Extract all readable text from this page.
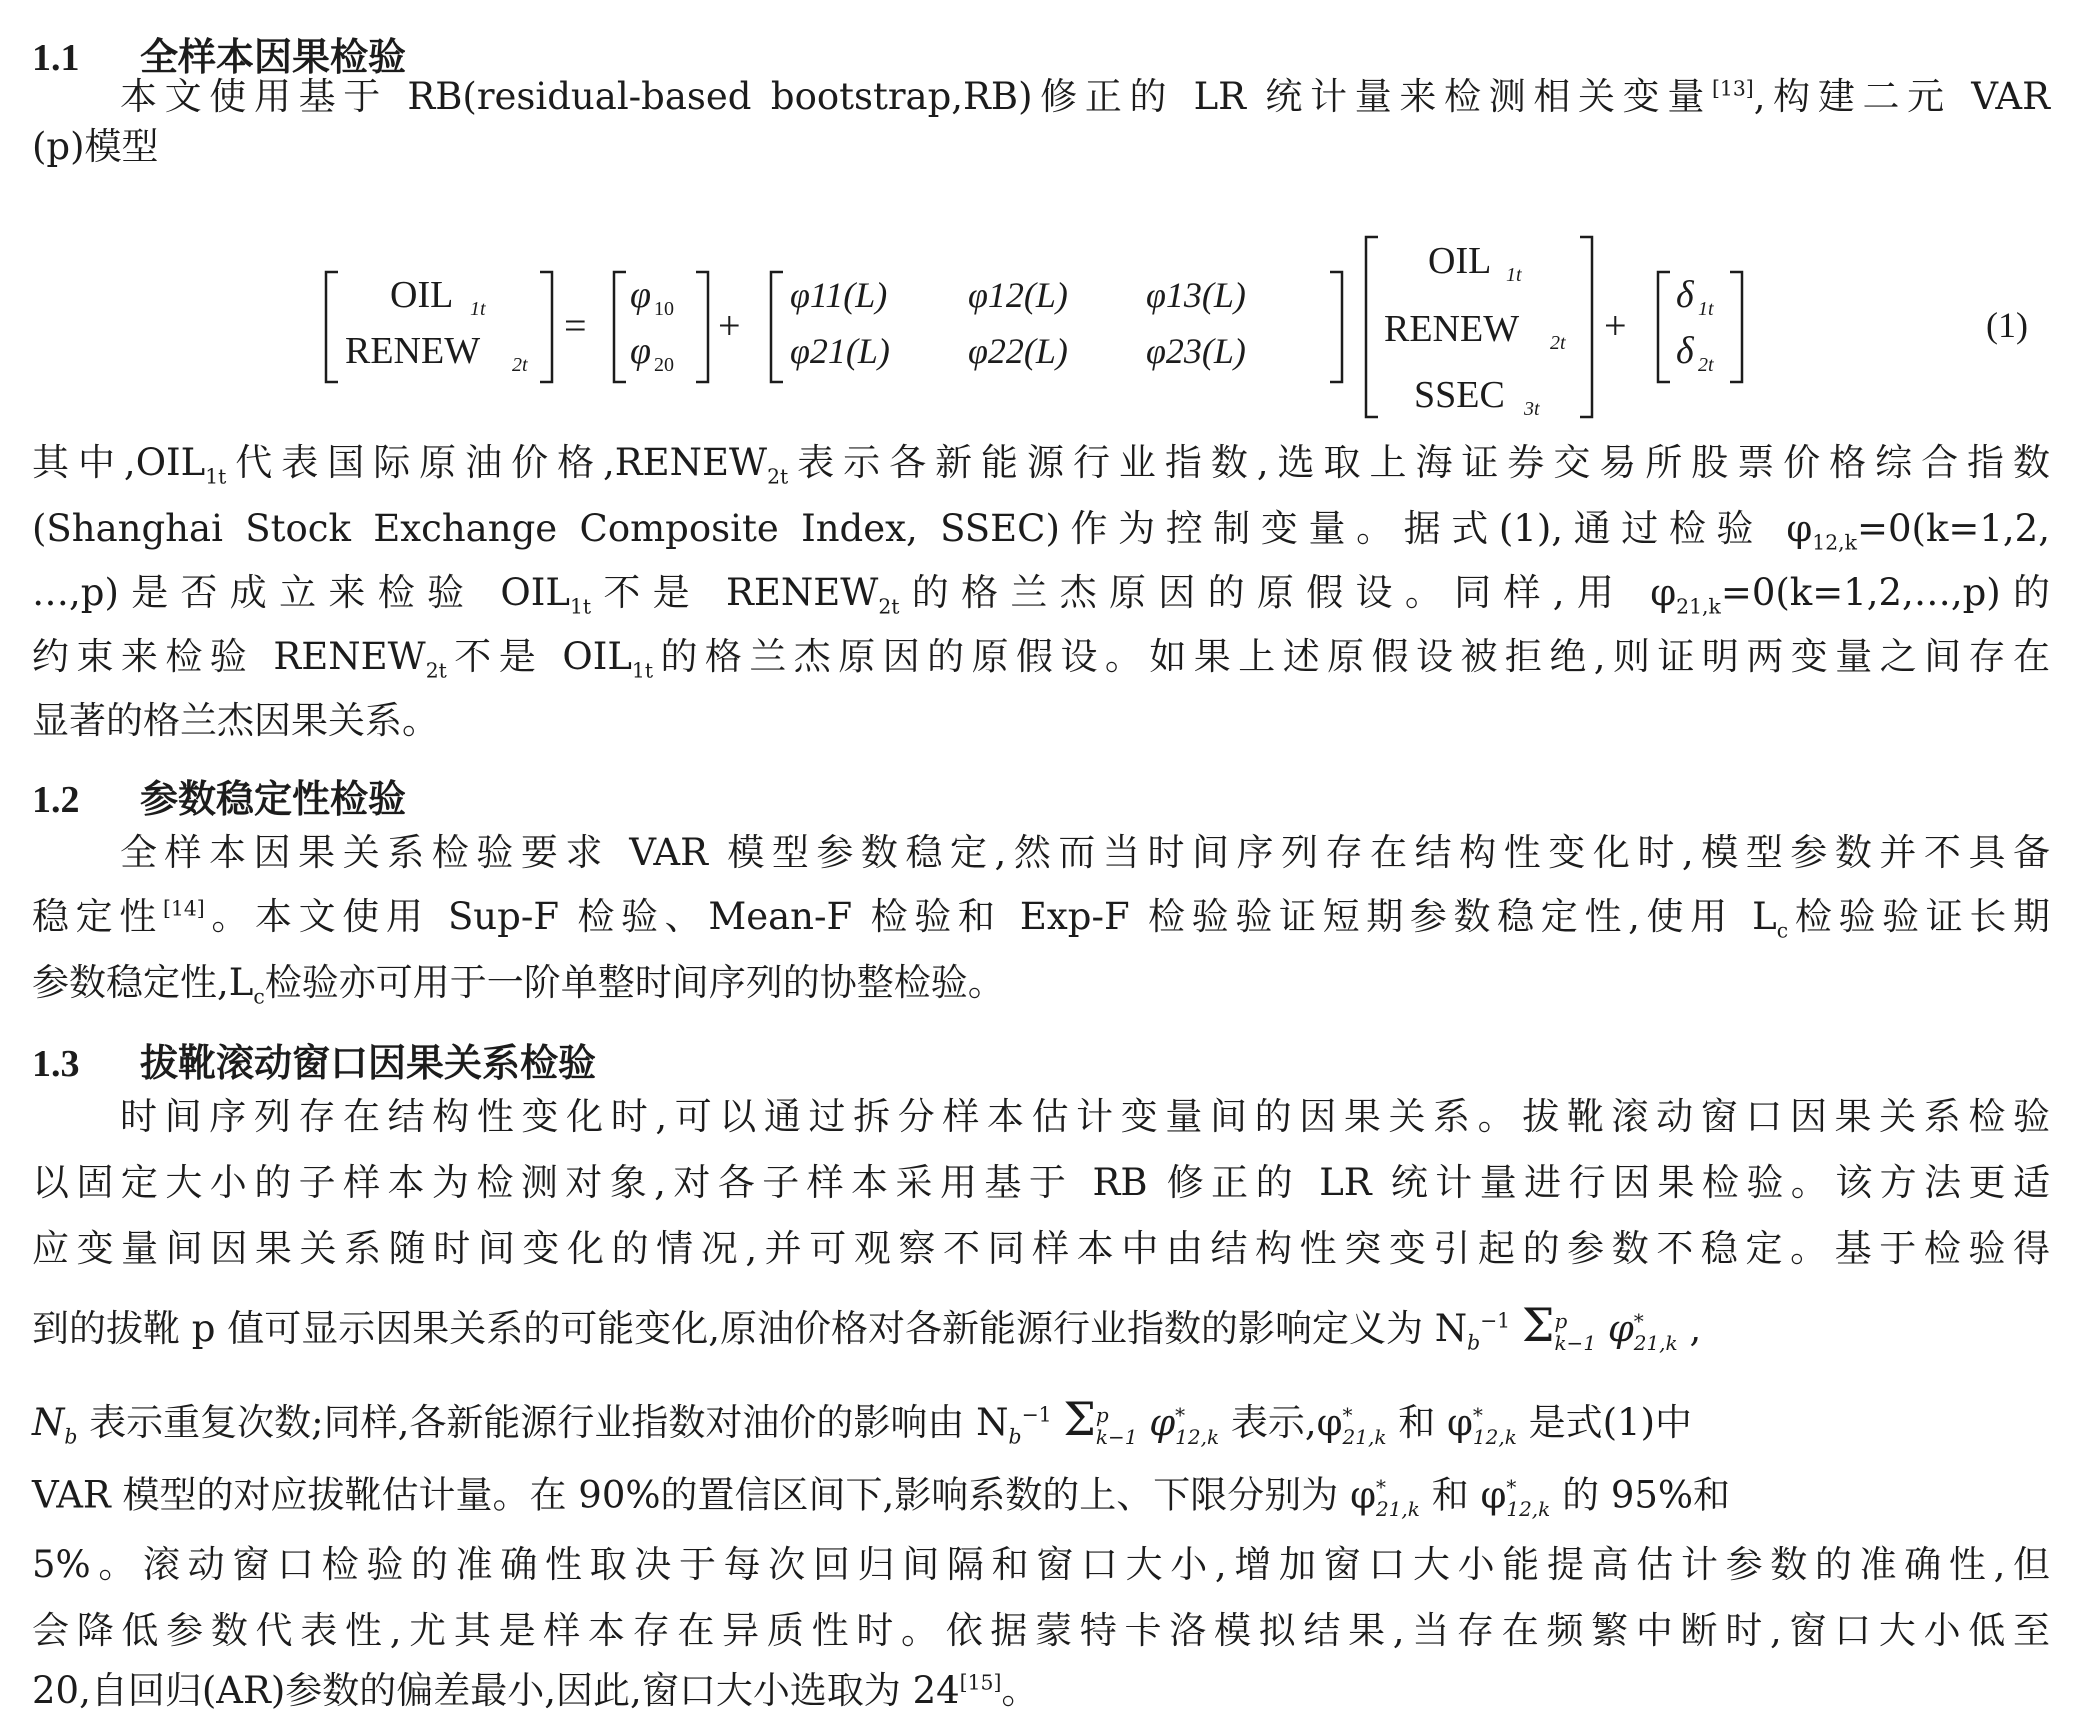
1.1 全样本因果检验
本文使用基于 RB(residual-based bootstrap,RB)修正的 LR 统计量来检测相关变量[13],构建二元 VAR
(p)模型
OIL 1t
RENEW 2t
=
φ 10
φ 20
+
φ11(L) φ12(L) φ13(L)
φ21(L) φ22(L) φ23(L)
OIL 1t
RENEW 2t
SSEC 3t
+
δ 1t
δ 2t
(1)
其中$,OIL_{1t}$代表国际原油价格$,RENEW_{2t}$表示各新能源行业指数,选取上海证券交易所股票价格综合指数
(Shanghai Stock Exchange Composite Index, SSEC)作为控制变量。据式(1),通过检验 $\varphi_{12,k}=0(k=1,2$,
…,p)是否成立来检验 $OIL_{1t}$不是 $RENEW_{2t}$的格兰杰原因的原假设。同样,用 $\varphi_{21,k}=0(k=1,2,\dots,p)$的
约束来检验 $RENEW_{2t}$不是 $OIL_{1t}$的格兰杰原因的原假设。如果上述原假设被拒绝,则证明两变量之间存在
显著的格兰杰因果关系。
1.2 参数稳定性检验
全样本因果关系检验要求 VAR 模型参数稳定,然而当时间序列存在结构性变化时,模型参数并不具备
稳定性[14]。本文使用 Sup-F 检验、Mean-F 检验和 Exp-F 检验验证短期参数稳定性,使用 $L_c$检验验证长期
参数稳定性$,L_c$检验亦可用于一阶单整时间序列的协整检验。
1.3 拔靴滚动窗口因果关系检验
时间序列存在结构性变化时,可以通过拆分样本估计变量间的因果关系。拔靴滚动窗口因果关系检验
以固定大小的子样本为检测对象,对各子样本采用基于 RB 修正的 LR 统计量进行因果检验。该方法更适
应变量间因果关系随时间变化的情况,并可观察不同样本中由结构性突变引起的参数不稳定。基于检验得
到的拔靴 p 值可显示因果关系的可能变化,原油价格对各新能源行业指数的影响定义为 $N_b^{-1}$ Σ p
k−1 φ *
21,k ,
$N_b$ 表示重复次数;同样,各新能源行业指数对油价的影响由 $N_b^{-1}$ Σ p
k−1 φ *
12,k 表示,φ *
21,k 和 φ *
12,k 是式(1)中
VAR 模型的对应拔靴估计量。在 90%的置信区间下,影响系数的上、下限分别为 φ *
21,k 和 φ *
12,k 的 95%和
5%。滚动窗口检验的准确性取决于每次回归间隔和窗口大小,增加窗口大小能提高估计参数的准确性,但
会降低参数代表性,尤其是样本存在异质性时。依据蒙特卡洛模拟结果,当存在频繁中断时,窗口大小低至
20,自回归(AR)参数的偏差最小,因此,窗口大小选取为 24[15]。
